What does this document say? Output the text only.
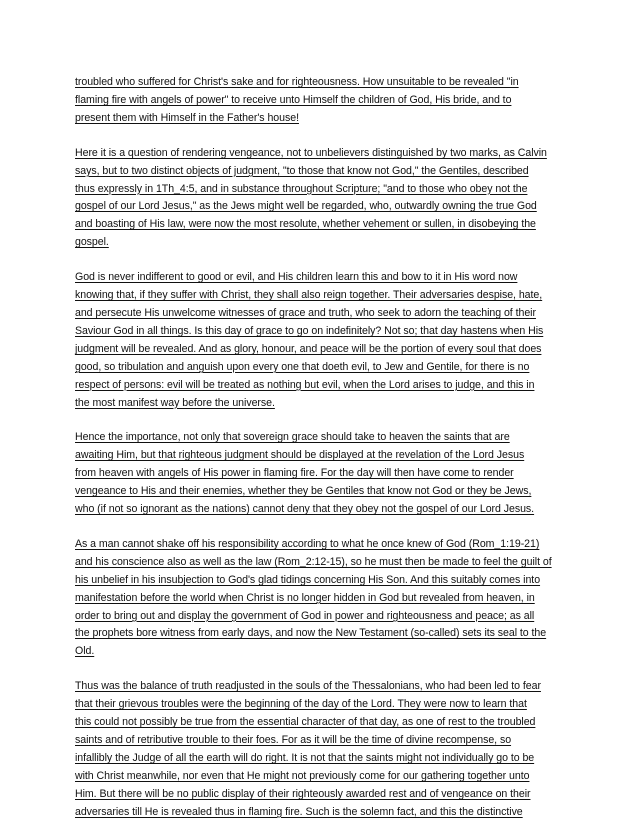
troubled who suffered for Christ's sake and for righteousness. How unsuitable to be revealed "in
flaming fire with angels of power" to receive unto Himself the children of God, His bride, and to
present them with Himself in the Father's house!
Here it is a question of rendering vengeance, not to unbelievers distinguished by two marks, as Calvin
says, but to two distinct objects of judgment, "to those that know not God," the Gentiles, described
thus expressly in 1Th_4:5, and in substance throughout Scripture; "and to those who obey not the
gospel of our Lord Jesus," as the Jews might well be regarded, who, outwardly owning the true God
and boasting of His law, were now the most resolute, whether vehement or sullen, in disobeying the
gospel.
God is never indifferent to good or evil, and His children learn this and bow to it in His word now
knowing that, if they suffer with Christ, they shall also reign together. Their adversaries despise, hate,
and persecute His unwelcome witnesses of grace and truth, who seek to adorn the teaching of their
Saviour God in all things. Is this day of grace to go on indefinitely? Not so; that day hastens when His
judgment will be revealed. And as glory, honour, and peace will be the portion of every soul that does
good, so tribulation and anguish upon every one that doeth evil, to Jew and Gentile, for there is no
respect of persons: evil will be treated as nothing but evil, when the Lord arises to judge, and this in
the most manifest way before the universe.
Hence the importance, not only that sovereign grace should take to heaven the saints that are
awaiting Him, but that righteous judgment should be displayed at the revelation of the Lord Jesus
from heaven with angels of His power in flaming fire. For the day will then have come to render
vengeance to His and their enemies, whether they be Gentiles that know not God or they be Jews,
who (if not so ignorant as the nations) cannot deny that they obey not the gospel of our Lord Jesus.
As a man cannot shake off his responsibility according to what he once knew of God (Rom_1:19-21)
and his conscience also as well as the law (Rom_2:12-15), so he must then be made to feel the guilt of
his unbelief in his insubjection to God's glad tidings concerning His Son. And this suitably comes into
manifestation before the world when Christ is no longer hidden in God but revealed from heaven, in
order to bring out and display the government of God in power and righteousness and peace; as all
the prophets bore witness from early days, and now the New Testament (so-called) sets its seal to the
Old.
Thus was the balance of truth readjusted in the souls of the Thessalonians, who had been led to fear
that their grievous troubles were the beginning of the day of the Lord. They were now to learn that
this could not possibly be true from the essential character of that day, as one of rest to the troubled
saints and of retributive trouble to their foes. For as it will be the time of divine recompense, so
infallibly the Judge of all the earth will do right. It is not that the saints might not individually go to be
with Christ meanwhile, nor even that He might not previously come for our gathering together unto
Him. But there will be no public display of their righteously awarded rest and of vengeance on their
adversaries till He is revealed thus in flaming fire. Such is the solemn fact, and this the distinctive
